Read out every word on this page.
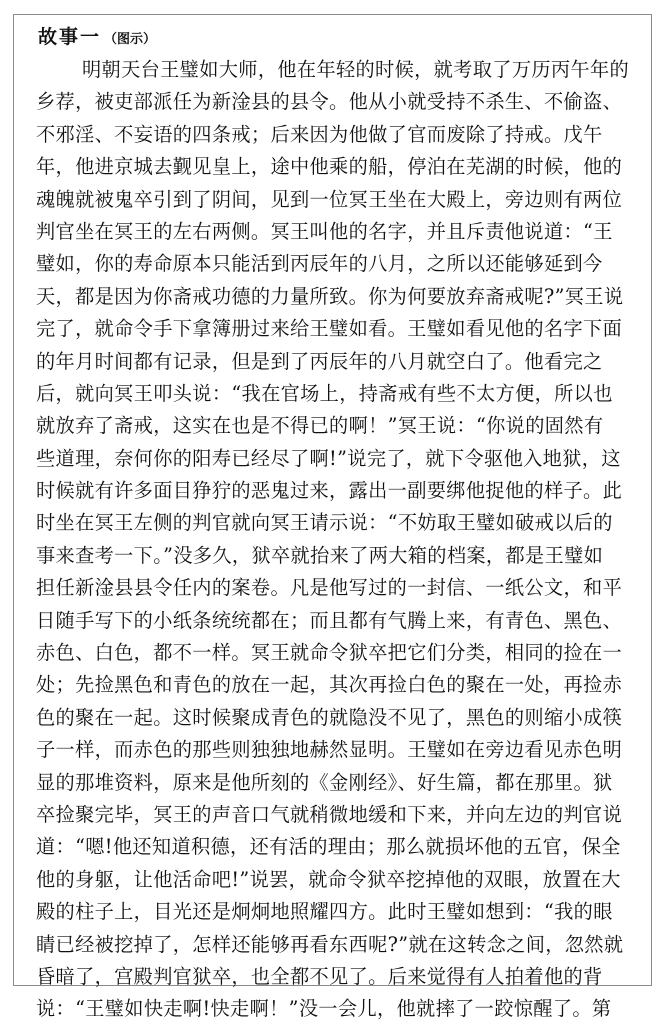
故事一 （图示）
明朝天台王璧如大师，他在年轻的时候，就考取了万历丙午年的
乡荐，被吏部派任为新淦县的县令。他从小就受持不杀生、不偷盗、
不邪淫、不妄语的四条戒；后来因为他做了官而废除了持戒。戊午
年，他进京城去觐见皇上，途中他乘的船，停泊在芜湖的时候，他的
魂魄就被鬼卒引到了阴间，见到一位冥王坐在大殿上，旁边则有两位
判官坐在冥王的左右两侧。冥王叫他的名字，并且斥责他说道：“王
璧如，你的寿命原本只能活到丙辰年的八月，之所以还能够延到今
天，都是因为你斋戒功德的力量所致。你为何要放弃斋戒呢?”冥王说
完了，就命令手下拿簿册过来给王璧如看。王璧如看见他的名字下面
的年月时间都有记录，但是到了丙辰年的八月就空白了。他看完之
后，就向冥王叩头说：“我在官场上，持斋戒有些不太方便，所以也
就放弃了斋戒，这实在也是不得已的啊！”冥王说：“你说的固然有
些道理，奈何你的阳寿已经尽了啊!”说完了，就下令驱他入地狱，这
时候就有许多面目狰狞的恶鬼过来，露出一副要绑他捉他的样子。此
时坐在冥王左侧的判官就向冥王请示说：“不妨取王璧如破戒以后的
事来查考一下。”没多久，狱卒就抬来了两大箱的档案，都是王璧如
担任新淦县县令任内的案卷。凡是他写过的一封信、一纸公文，和平
日随手写下的小纸条统统都在；而且都有气腾上来，有青色、黑色、
赤色、白色，都不一样。冥王就命令狱卒把它们分类，相同的捡在一
处；先捡黑色和青色的放在一起，其次再捡白色的聚在一处，再捡赤
色的聚在一起。这时候聚成青色的就隐没不见了，黑色的则缩小成筷
子一样，而赤色的那些则独独地赫然显明。王璧如在旁边看见赤色明
显的那堆资料，原来是他所刻的《金刚经》、好生篇，都在那里。狱
卒捡聚完毕，冥王的声音口气就稍微地缓和下来，并向左边的判官说
道：“嗯!他还知道积德，还有活的理由；那么就损坏他的五官，保全
他的身躯，让他活命吧!”说罢，就命令狱卒挖掉他的双眼，放置在大
殿的柱子上，目光还是炯炯地照耀四方。此时王璧如想到：“我的眼
睛已经被挖掉了，怎样还能够再看东西呢?”就在这转念之间，忽然就
昏暗了，宫殿判官狱卒，也全都不见了。后来觉得有人拍着他的背
说：“王璧如快走啊!快走啊！”没一会儿，他就摔了一跤惊醒了。第
